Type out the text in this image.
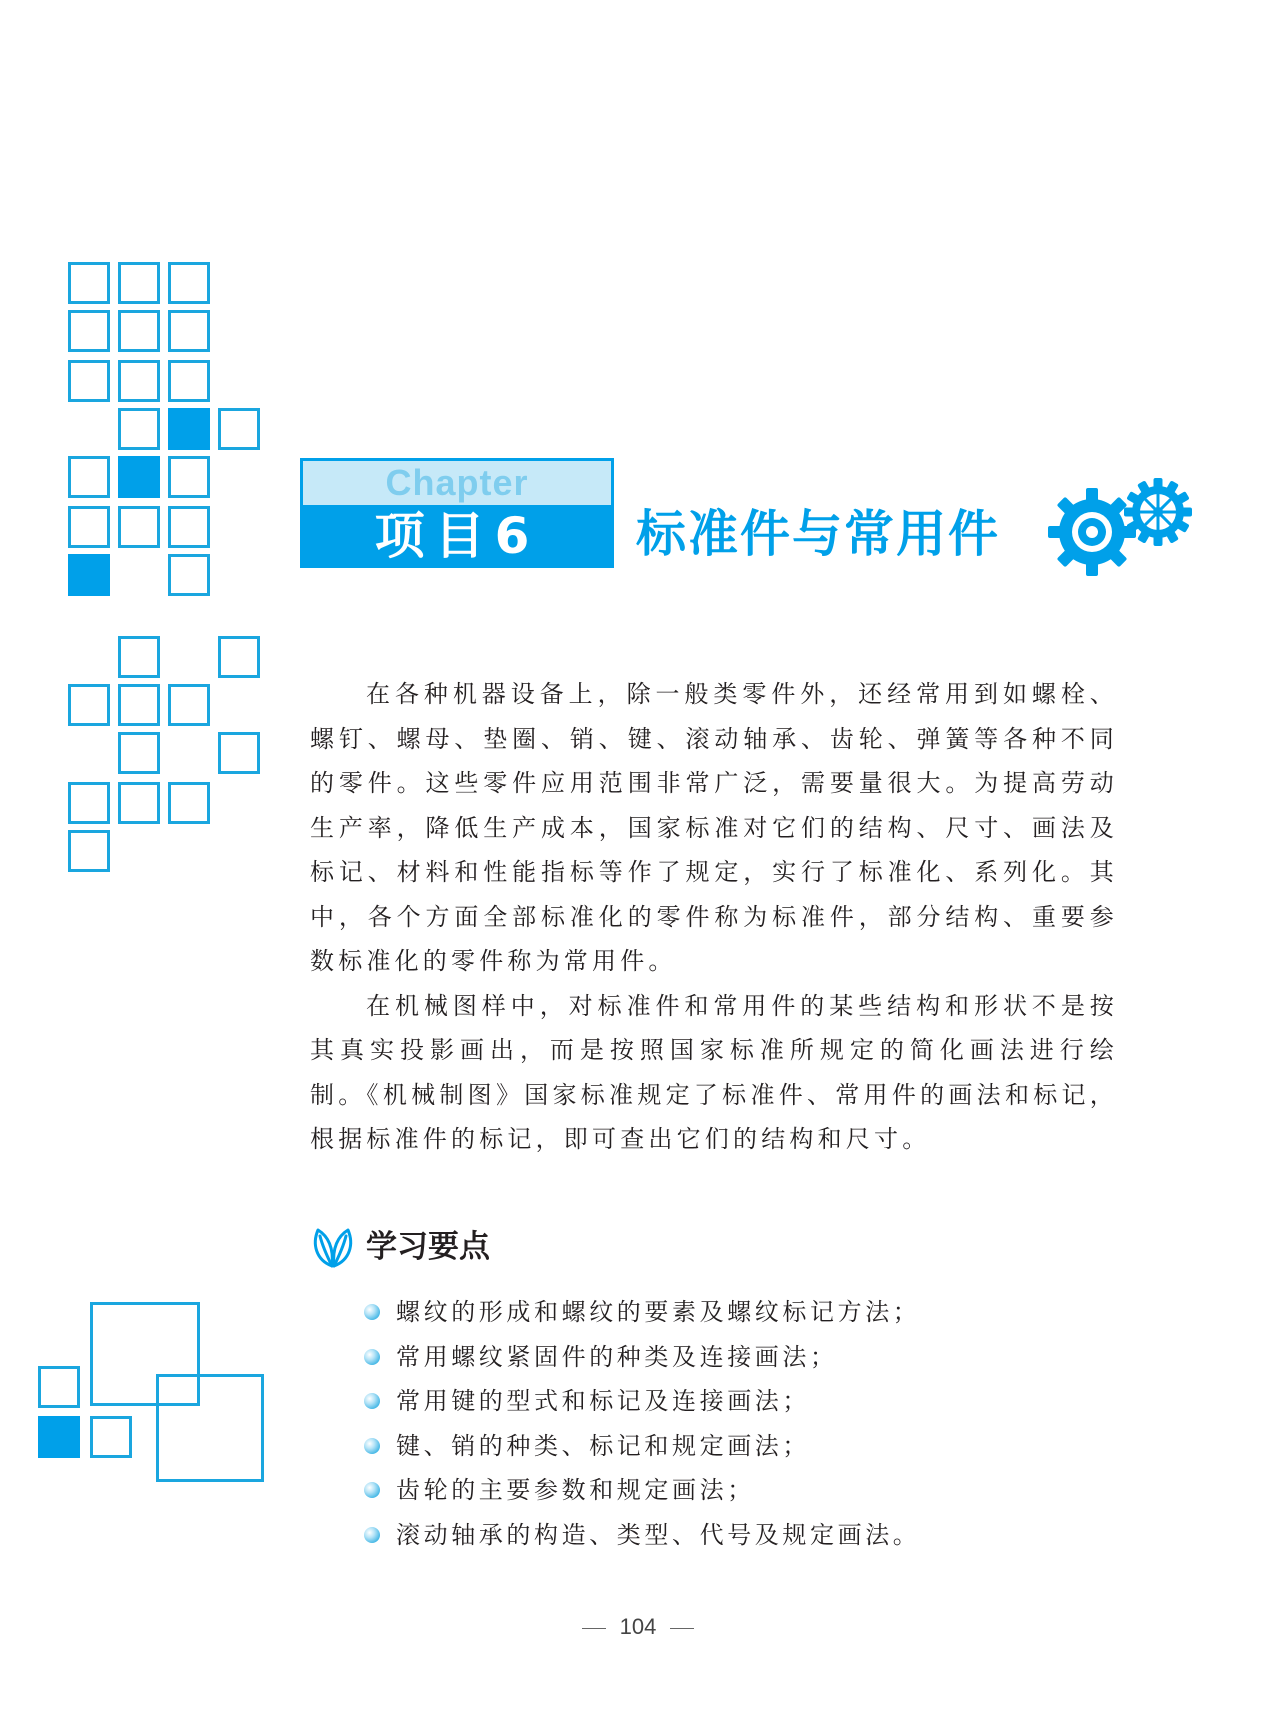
Chapter
项目6	标准件与常用件

在各种机器设备上，除一般类零件外，还经常用到如螺栓、螺钉、螺母、垫圈、销、键、滚动轴承、齿轮、弹簧等各种不同的零件。这些零件应用范围非常广泛，需要量很大。为提高劳动生产率，降低生产成本，国家标准对它们的结构、尺寸、画法及标记、材料和性能指标等作了规定，实行了标准化、系列化。其中，各个方面全部标准化的零件称为标准件，部分结构、重要参数标准化的零件称为常用件。

在机械图样中，对标准件和常用件的某些结构和形状不是按其真实投影画出，而是按照国家标准所规定的简化画法进行绘制。《机械制图》国家标准规定了标准件、常用件的画法和标记，根据标准件的标记，即可查出它们的结构和尺寸。

学习要点
螺纹的形成和螺纹的要素及螺纹标记方法；
常用螺纹紧固件的种类及连接画法；
常用键的型式和标记及连接画法；
键、销的种类、标记和规定画法；
齿轮的主要参数和规定画法；
滚动轴承的构造、类型、代号及规定画法。
104
